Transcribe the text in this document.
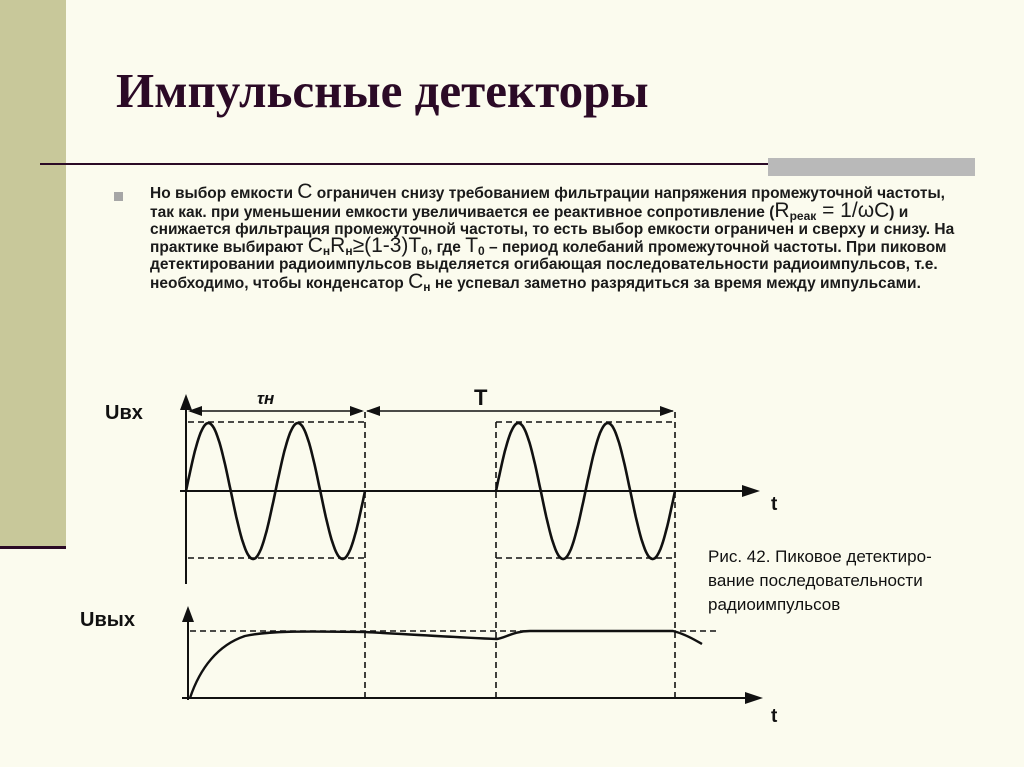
Импульсные детекторы
Но выбор емкости С ограничен снизу требованием фильтрации напряжения промежуточной частоты, так как. при уменьшении емкости увеличивается ее реактивное сопротивление $(R_{реак} = 1/\omega C)$ и снижается фильтрация промежуточной частоты, то есть выбор емкости ограничен и сверху и снизу. На практике выбирают $С_нR_н\ge(1-3)Т_0$, где $Т_0$ – период колебаний промежуточной частоты. При пиковом детектировании радиоимпульсов выделяется огибающая последовательности радиоимпульсов, т.е. необходимо, чтобы конденсатор $С_н$ не успевал заметно разрядиться за время между импульсами.
Uвх
τн	T
t
Uвых
t
Рис. 42. Пиковое детектиро-
вание последовательности
радиоимпульсов
